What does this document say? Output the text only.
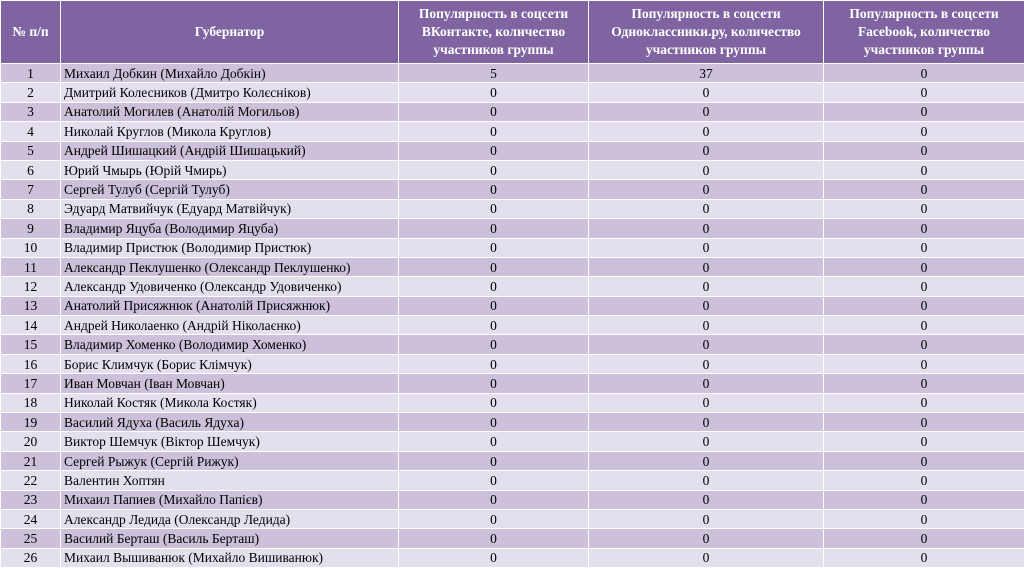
№ п/п	Губернатор	Популярность в соцсети ВКонтакте, количество участников группы	Популярность в соцсети Одноклассники.ру, количество участников группы	Популярность в соцсети Facebook, количество участников группы
1	Михаил Добкин (Михайло Добкін)	5	37	0
2	Дмитрий Колесников (Дмитро Колєсніков)	0	0	0
3	Анатолий Могилев (Анатолій Могильов)	0	0	0
4	Николай Круглов (Микола Круглов)	0	0	0
5	Андрей Шишацкий (Андрій Шишацький)	0	0	0
6	Юрий Чмырь (Юрій Чмирь)	0	0	0
7	Сергей Тулуб (Сергій Тулуб)	0	0	0
8	Эдуард Матвийчук (Едуард Матвійчук)	0	0	0
9	Владимир Яцуба (Володимир Яцуба)	0	0	0
10	Владимир Пристюк (Володимир Пристюк)	0	0	0
11	Александр Пеклушенко (Олександр Пеклушенко)	0	0	0
12	Александр Удовиченко (Олександр Удовиченко)	0	0	0
13	Анатолий Присяжнюк (Анатолій Присяжнюк)	0	0	0
14	Андрей Николаенко (Андрій Ніколаєнко)	0	0	0
15	Владимир Хоменко (Володимир Хоменко)	0	0	0
16	Борис Климчук (Борис Клімчук)	0	0	0
17	Иван Мовчан (Іван Мовчан)	0	0	0
18	Николай Костяк (Микола Костяк)	0	0	0
19	Василий Ядуха (Василь Ядуха)	0	0	0
20	Виктор Шемчук (Віктор Шемчук)	0	0	0
21	Сергей Рыжук (Сергій Рижук)	0	0	0
22	Валентин Хоптян	0	0	0
23	Михаил Папиев (Михайло Папієв)	0	0	0
24	Александр Ледида (Олександр Ледида)	0	0	0
25	Василий Берташ (Василь Берташ)	0	0	0
26	Михаил Вышиванюк (Михайло Вишиванюк)	0	0	0
